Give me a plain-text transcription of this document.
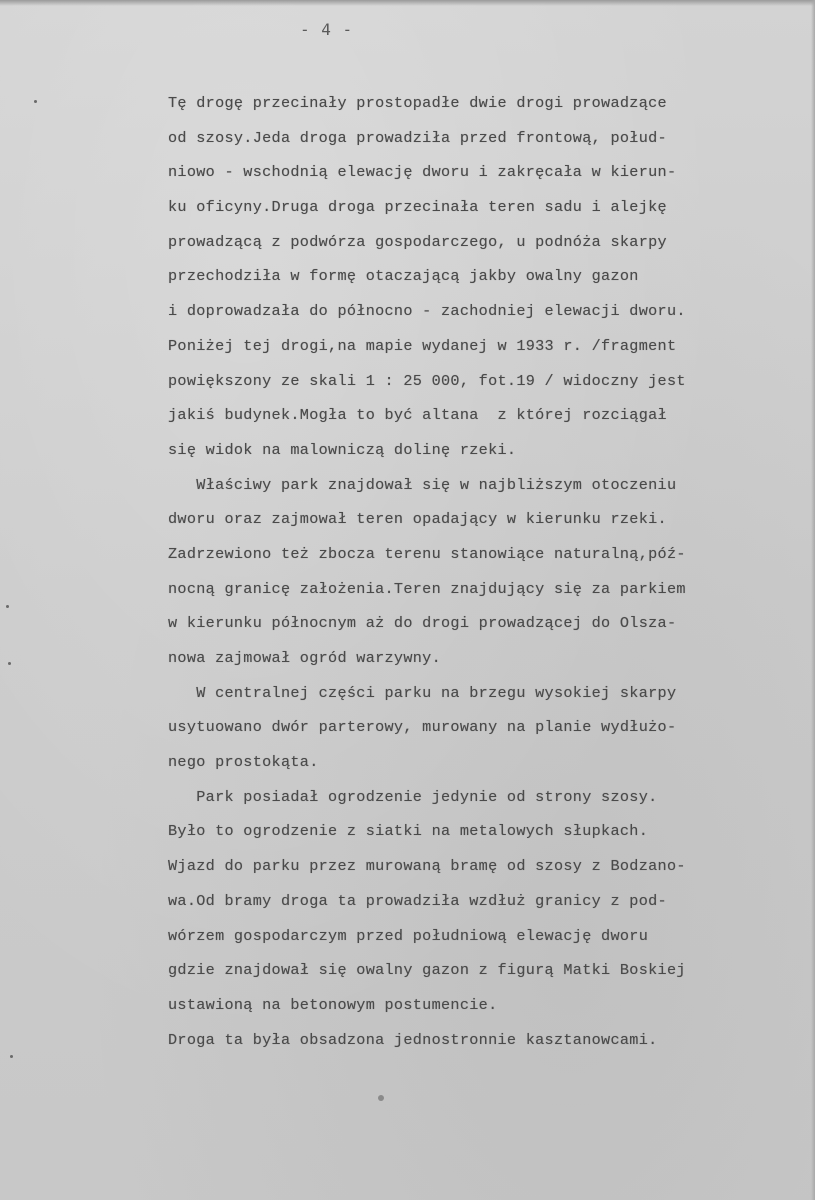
- 4 -
Tę drogę przecinały prostopadłe dwie drogi prowadzące
od szosy.Jeda droga prowadziła przed frontową, połud-
niowo - wschodnią elewację dworu i zakręcała w kierun-
ku oficyny.Druga droga przecinała teren sadu i alejkę
prowadzącą z podwórza gospodarczego, u podnóża skarpy
przechodziła w formę otaczającą jakby owalny gazon
i doprowadzała do północno - zachodniej elewacji dworu.
Poniżej tej drogi,na mapie wydanej w 1933 r. /fragment
powiększony ze skali 1 : 25 000, fot.19 / widoczny jest
jakiś budynek.Mogła to być altana  z której rozciągał
się widok na malowniczą dolinę rzeki.
Właściwy park znajdował się w najbliższym otoczeniu
dworu oraz zajmował teren opadający w kierunku rzeki.
Zadrzewiono też zbocza terenu stanowiące naturalną,póź-
nocną granicę założenia.Teren znajdujący się za parkiem
w kierunku północnym aż do drogi prowadzącej do Olsza-
nowa zajmował ogród warzywny.
W centralnej części parku na brzegu wysokiej skarpy
usytuowano dwór parterowy, murowany na planie wydłużo-
nego prostokąta.
Park posiadał ogrodzenie jedynie od strony szosy.
Było to ogrodzenie z siatki na metalowych słupkach.
Wjazd do parku przez murowaną bramę od szosy z Bodzano-
wa.Od bramy droga ta prowadziła wzdłuż granicy z pod-
wórzem gospodarczym przed południową elewację dworu
gdzie znajdował się owalny gazon z figurą Matki Boskiej
ustawioną na betonowym postumencie.
Droga ta była obsadzona jednostronnie kasztanowcami.
